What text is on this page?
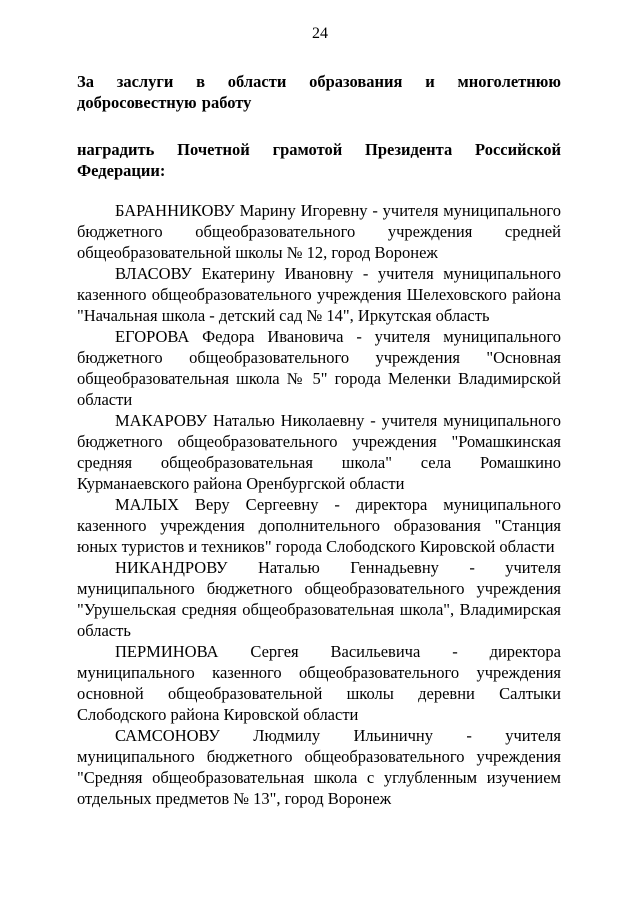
24
За заслуги в области образования и многолетнюю добросовестную работу
наградить Почетной грамотой Президента Российской Федерации:

БАРАННИКОВУ Марину Игоревну - учителя муниципального бюджетного общеобразовательного учреждения средней общеобразовательной школы № 12, город Воронеж

ВЛАСОВУ Екатерину Ивановну - учителя муниципального казенного общеобразовательного учреждения Шелеховского района "Начальная школа - детский сад № 14", Иркутская область

ЕГОРОВА Федора Ивановича - учителя муниципального бюджетного общеобразовательного учреждения "Основная общеобразовательная школа № 5" города Меленки Владимирской области

МАКАРОВУ Наталью Николаевну - учителя муниципального бюджетного общеобразовательного учреждения "Ромашкинская средняя общеобразовательная школа" села Ромашкино Курманаевского района Оренбургской области

МАЛЫХ Веру Сергеевну - директора муниципального казенного учреждения дополнительного образования "Станция юных туристов и техников" города Слободского Кировской области

НИКАНДРОВУ Наталью Геннадьевну - учителя муниципального бюджетного общеобразовательного учреждения "Урушельская средняя общеобразовательная школа", Владимирская область

ПЕРМИНОВА Сергея Васильевича - директора муниципального казенного общеобразовательного учреждения основной общеобразовательной школы деревни Салтыки Слободского района Кировской области

САМСОНОВУ Людмилу Ильиничну - учителя муниципального бюджетного общеобразовательного учреждения "Средняя общеобразовательная школа с углубленным изучением отдельных предметов № 13", город Воронеж
